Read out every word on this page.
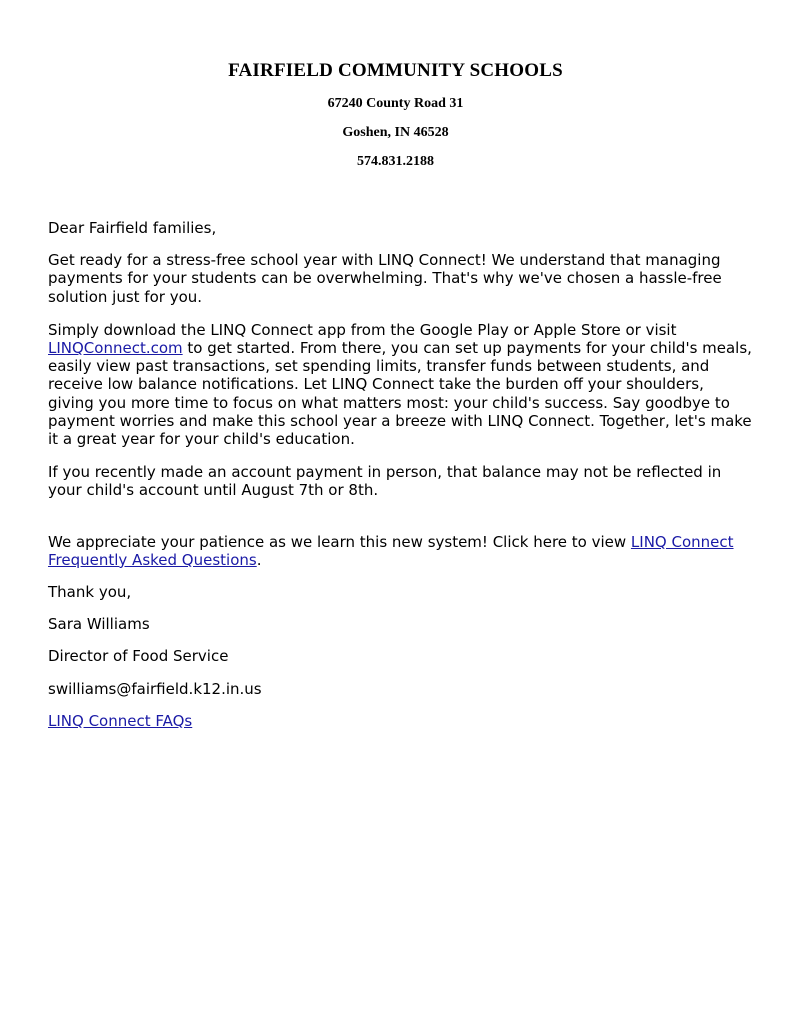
FAIRFIELD COMMUNITY SCHOOLS
67240 County Road 31
Goshen, IN 46528
574.831.2188

Dear Fairfield families,

Get ready for a stress-free school year with LINQ Connect! We understand that managing payments for your students can be overwhelming. That's why we've chosen a hassle-free solution just for you.

Simply download the LINQ Connect app from the Google Play or Apple Store or visit LINQConnect.com to get started. From there, you can set up payments for your child's meals, easily view past transactions, set spending limits, transfer funds between students, and receive low balance notifications. Let LINQ Connect take the burden off your shoulders, giving you more time to focus on what matters most: your child's success. Say goodbye to payment worries and make this school year a breeze with LINQ Connect. Together, let's make it a great year for your child's education.

If you recently made an account payment in person, that balance may not be reflected in your child's account until August 7th or 8th.

We appreciate your patience as we learn this new system! Click here to view LINQ Connect Frequently Asked Questions.

Thank you,

Sara Williams

Director of Food Service

swilliams@fairfield.k12.in.us

LINQ Connect FAQs
